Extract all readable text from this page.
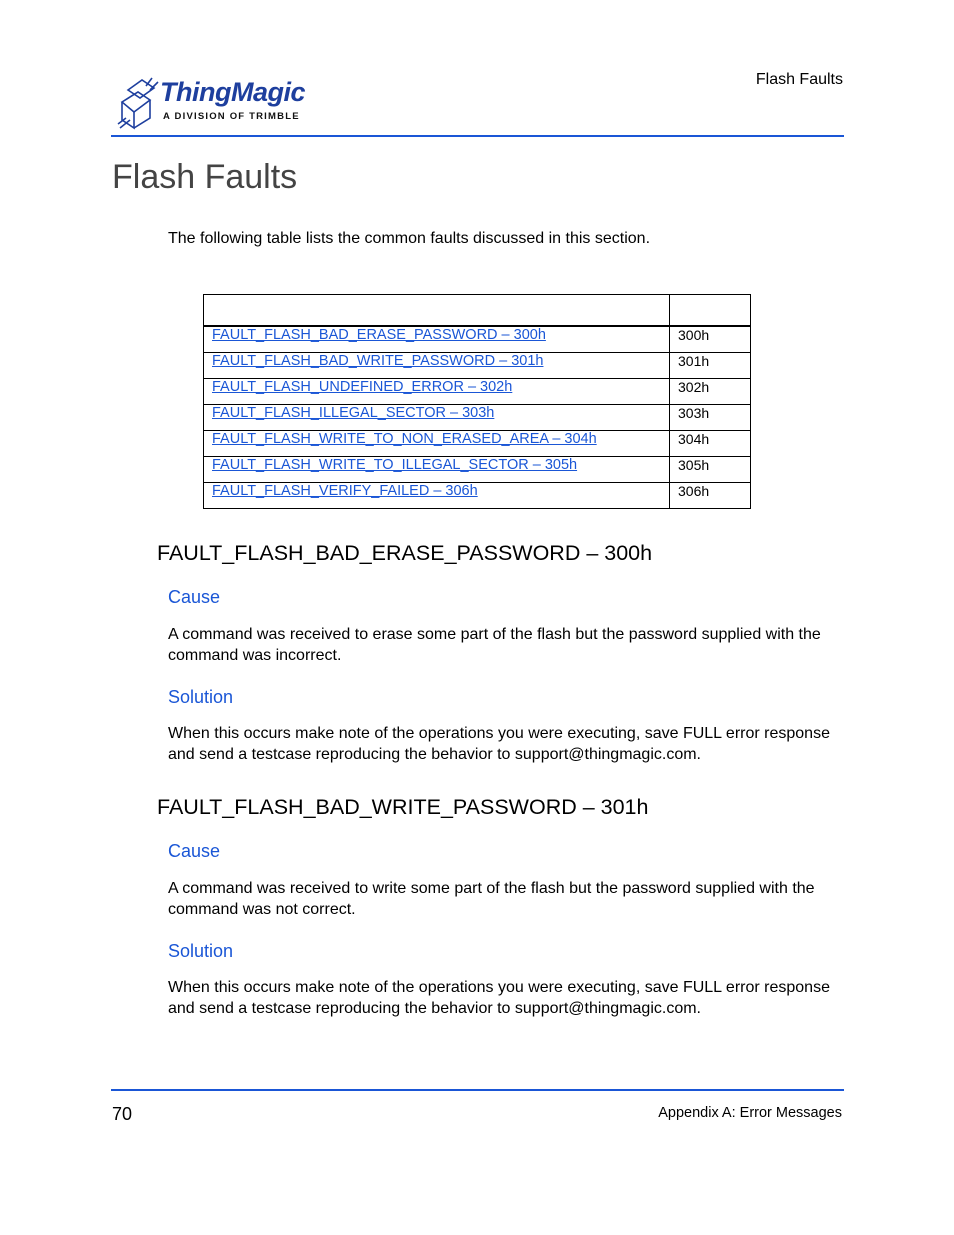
Flash Faults
ThingMagic
A DIVISION OF TRIMBLE
Flash Faults
The following table lists the common faults discussed in this section.

FAULT_FLASH_BAD_ERASE_PASSWORD – 300h	300h
FAULT_FLASH_BAD_WRITE_PASSWORD – 301h	301h
FAULT_FLASH_UNDEFINED_ERROR – 302h	302h
FAULT_FLASH_ILLEGAL_SECTOR – 303h	303h
FAULT_FLASH_WRITE_TO_NON_ERASED_AREA – 304h	304h
FAULT_FLASH_WRITE_TO_ILLEGAL_SECTOR – 305h	305h
FAULT_FLASH_VERIFY_FAILED – 306h	306h
FAULT_FLASH_BAD_ERASE_PASSWORD – 300h
Cause

A command was received to erase some part of the flash but the password supplied with the command was incorrect.

Solution

When this occurs make note of the operations you were executing, save FULL error response and send a testcase reproducing the behavior to support@thingmagic.com.

FAULT_FLASH_BAD_WRITE_PASSWORD – 301h
Cause

A command was received to write some part of the flash but the password supplied with the command was not correct.

Solution

When this occurs make note of the operations you were executing, save FULL error response and send a testcase reproducing the behavior to support@thingmagic.com.

70	Appendix A: Error Messages
